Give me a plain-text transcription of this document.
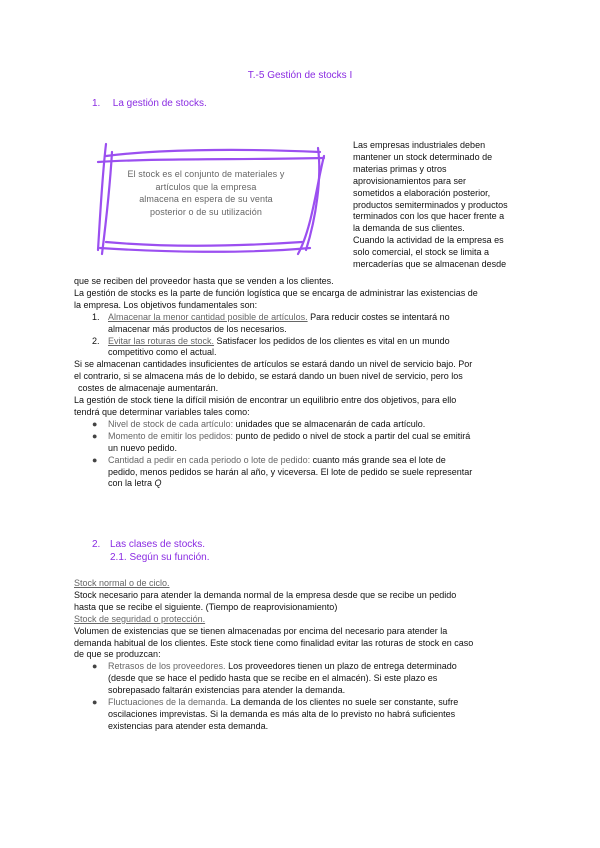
T.-5 Gestión de stocks I
1. La gestión de stocks.
El stock es el conjunto de materiales y
artículos que la empresa
almacena en espera de su venta
posterior o de su utilización
Las empresas industriales deben
mantener un stock determinado de
materias primas y otros
aprovisionamientos para ser
sometidos a elaboración posterior,
productos semiterminados y productos
terminados con los que hacer frente a
la demanda de sus clientes.
Cuando la actividad de la empresa es
solo comercial, el stock se limita a
mercaderías que se almacenan desde
que se reciben del proveedor hasta que se venden a los clientes.
La gestión de stocks es la parte de función logística que se encarga de administrar las existencias de
la empresa. Los objetivos fundamentales son:
1. Almacenar la menor cantidad posible de artículos. Para reducir costes se intentará no
almacenar más productos de los necesarios.
2. Evitar las roturas de stock. Satisfacer los pedidos de los clientes es vital en un mundo
competitivo como el actual.
Si se almacenan cantidades insuficientes de artículos se estará dando un nivel de servicio bajo. Por
el contrario, si se almacena más de lo debido, se estará dando un buen nivel de servicio, pero los
costes de almacenaje aumentarán.
La gestión de stock tiene la difícil misión de encontrar un equilibrio entre dos objetivos, para ello
tendrá que determinar variables tales como:
● Nivel de stock de cada artículo: unidades que se almacenarán de cada artículo.
● Momento de emitir los pedidos: punto de pedido o nivel de stock a partir del cual se emitirá
un nuevo pedido.
● Cantidad a pedir en cada periodo o lote de pedido: cuanto más grande sea el lote de
pedido, menos pedidos se harán al año, y viceversa. El lote de pedido se suele representar
con la letra Q
2. Las clases de stocks.
2.1. Según su función.
Stock normal o de ciclo.
Stock necesario para atender la demanda normal de la empresa desde que se recibe un pedido
hasta que se recibe el siguiente. (Tiempo de reaprovisionamiento)
Stock de seguridad o protección.
Volumen de existencias que se tienen almacenadas por encima del necesario para atender la
demanda habitual de los clientes. Este stock tiene como finalidad evitar las roturas de stock en caso
de que se produzcan:
● Retrasos de los proveedores. Los proveedores tienen un plazo de entrega determinado
(desde que se hace el pedido hasta que se recibe en el almacén). Si este plazo es
sobrepasado faltarán existencias para atender la demanda.
● Fluctuaciones de la demanda. La demanda de los clientes no suele ser constante, sufre
oscilaciones imprevistas. Si la demanda es más alta de lo previsto no habrá suficientes
existencias para atender esta demanda.
